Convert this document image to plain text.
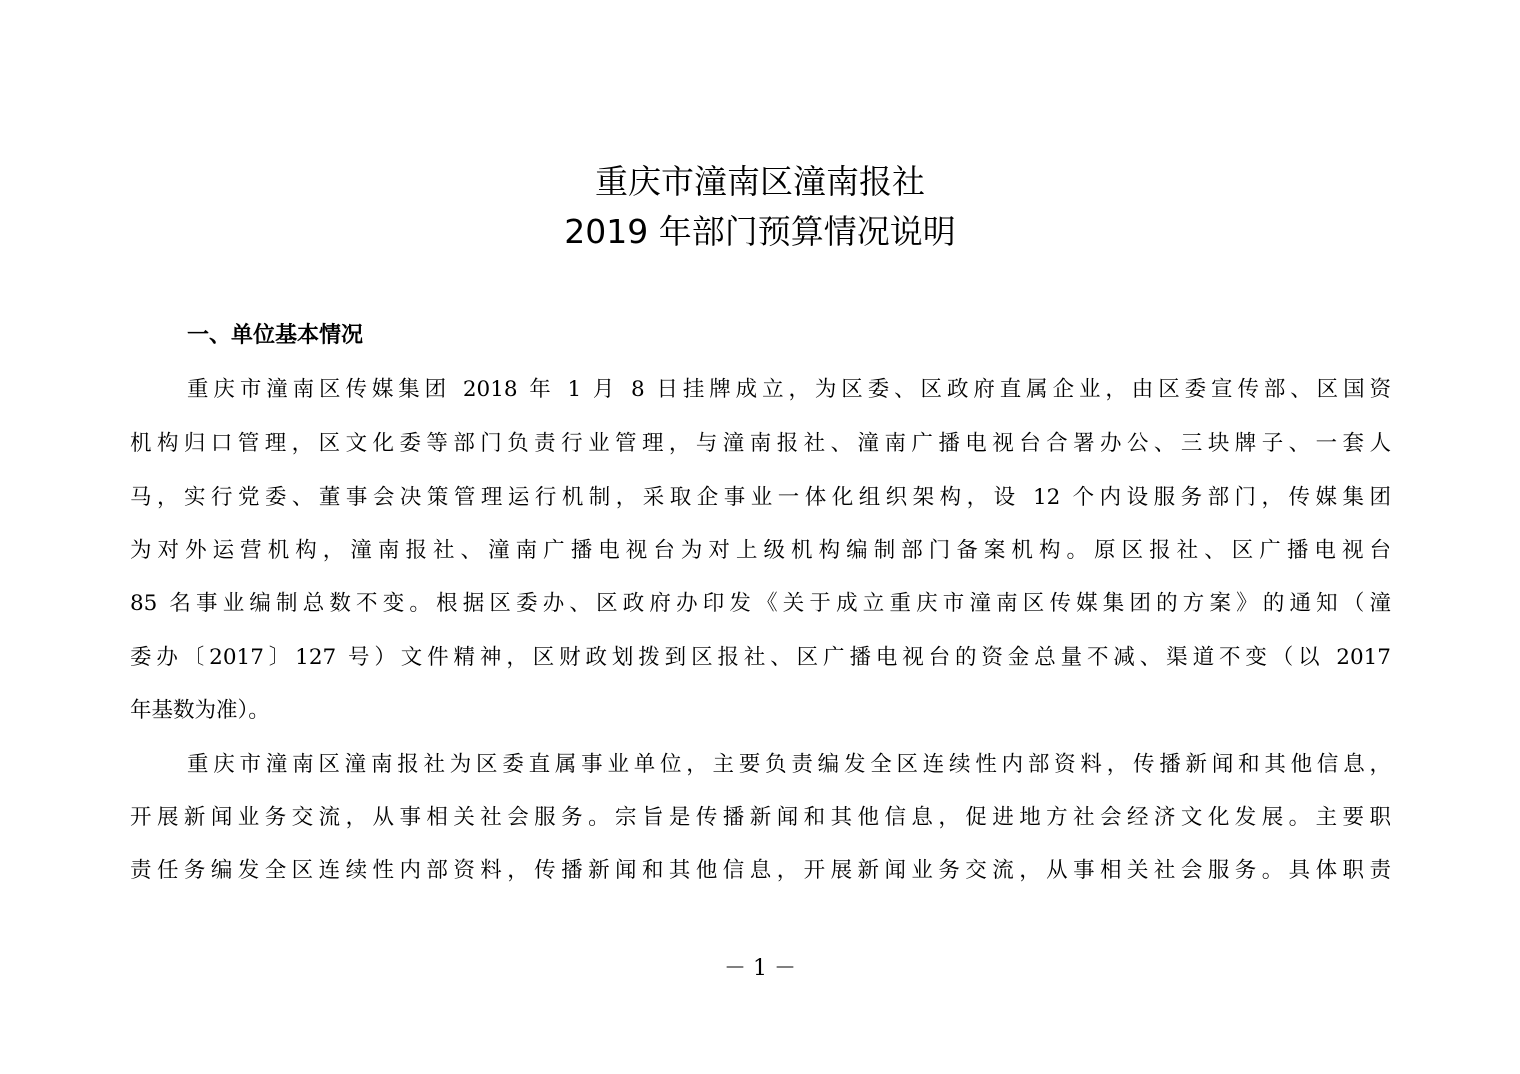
重庆市潼南区潼南报社
2019 年部门预算情况说明
一、单位基本情况
重庆市潼南区传媒集团 2018 年 1 月 8 日挂牌成立，为区委、区政府直属企业，由区委宣传部、区国资
机构归口管理，区文化委等部门负责行业管理，与潼南报社、潼南广播电视台合署办公、三块牌子、一套人
马，实行党委、董事会决策管理运行机制，采取企事业一体化组织架构，设 12 个内设服务部门，传媒集团
为对外运营机构，潼南报社、潼南广播电视台为对上级机构编制部门备案机构。原区报社、区广播电视台
85 名事业编制总数不变。根据区委办、区政府办印发《关于成立重庆市潼南区传媒集团的方案》的通知（潼
委办〔2017〕127 号）文件精神，区财政划拨到区报社、区广播电视台的资金总量不减、渠道不变（以 2017
年基数为准）。
重庆市潼南区潼南报社为区委直属事业单位，主要负责编发全区连续性内部资料，传播新闻和其他信息，
开展新闻业务交流，从事相关社会服务。宗旨是传播新闻和其他信息，促进地方社会经济文化发展。主要职
责任务编发全区连续性内部资料，传播新闻和其他信息，开展新闻业务交流，从事相关社会服务。具体职责
－ 1 －
